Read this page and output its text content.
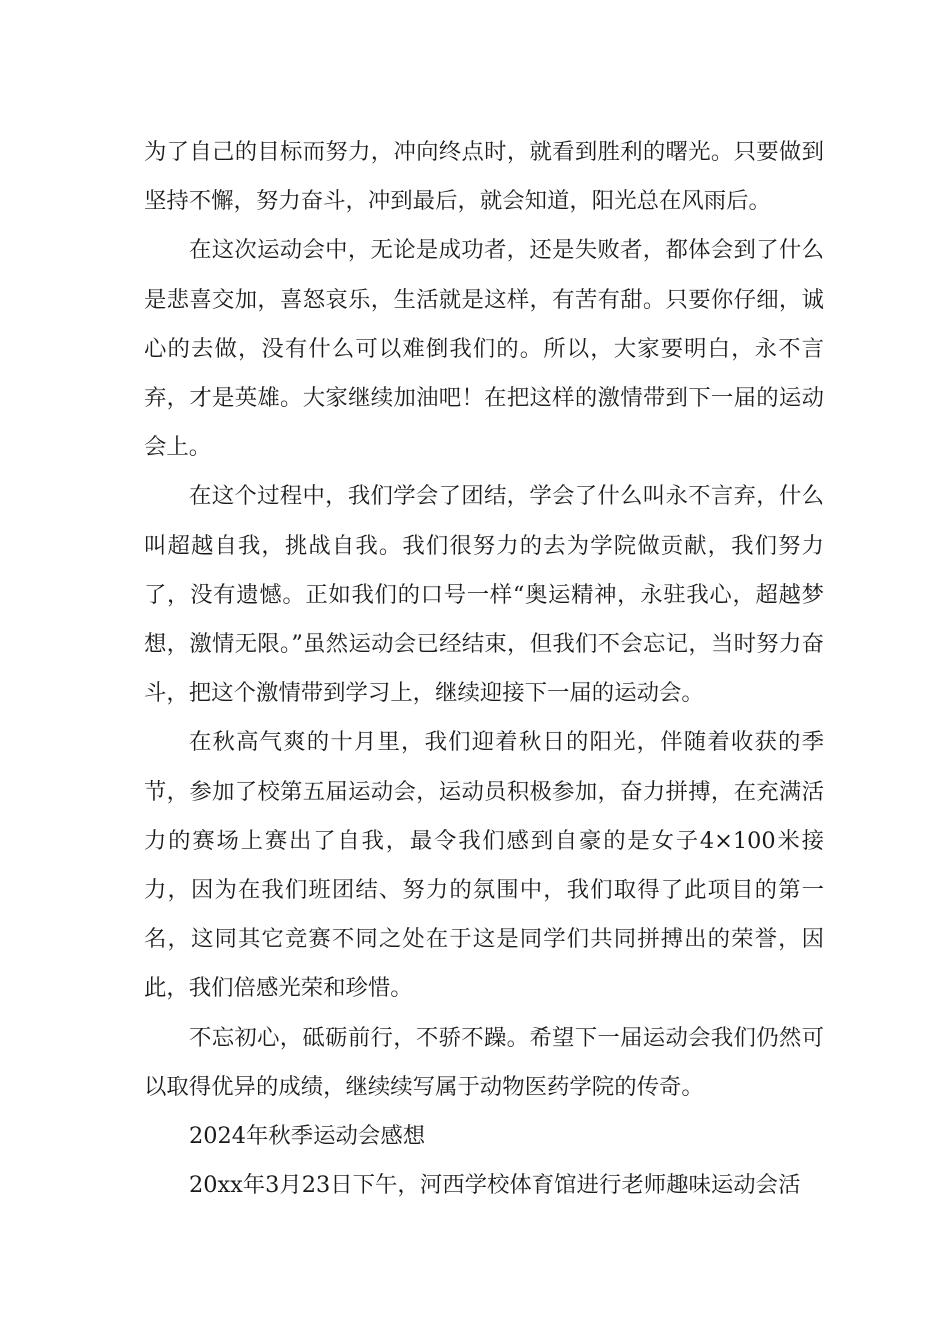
为了自己的目标而努力，冲向终点时，就看到胜利的曙光。只要做到坚持不懈，努力奋斗，冲到最后，就会知道，阳光总在风雨后。

在这次运动会中，无论是成功者，还是失败者，都体会到了什么是悲喜交加，喜怒哀乐，生活就是这样，有苦有甜。只要你仔细，诚心的去做，没有什么可以难倒我们的。所以，大家要明白，永不言弃，才是英雄。大家继续加油吧！在把这样的激情带到下一届的运动会上。

在这个过程中，我们学会了团结，学会了什么叫永不言弃，什么叫超越自我，挑战自我。我们很努力的去为学院做贡献，我们努力了，没有遗憾。正如我们的口号一样“奥运精神，永驻我心，超越梦想，激情无限。”虽然运动会已经结束，但我们不会忘记，当时努力奋斗，把这个激情带到学习上，继续迎接下一届的运动会。

在秋高气爽的十月里，我们迎着秋日的阳光，伴随着收获的季节，参加了校第五届运动会，运动员积极参加，奋力拼搏，在充满活力的赛场上赛出了自我，最令我们感到自豪的是女子4×100米接力，因为在我们班团结、努力的氛围中，我们取得了此项目的第一名，这同其它竞赛不同之处在于这是同学们共同拼搏出的荣誉，因此，我们倍感光荣和珍惜。

不忘初心，砥砺前行，不骄不躁。希望下一届运动会我们仍然可以取得优异的成绩，继续续写属于动物医药学院的传奇。

2024年秋季运动会感想

20xx年3月23日下午，河西学校体育馆进行老师趣味运动会活
